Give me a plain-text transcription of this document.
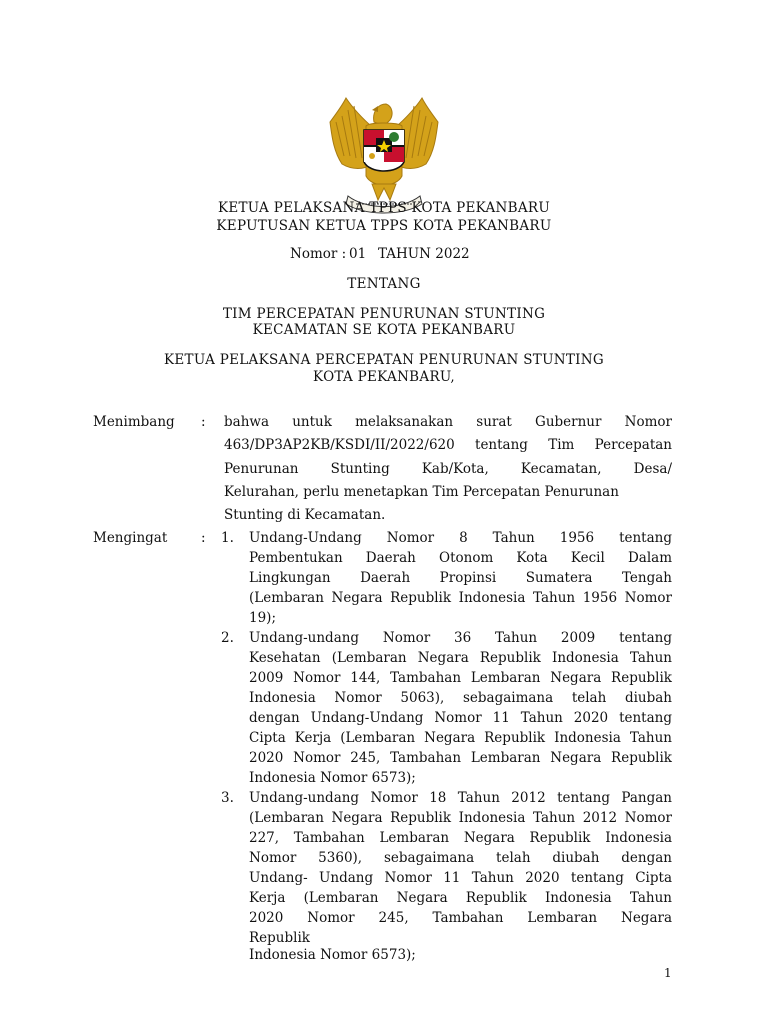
KETUA PELAKSANA TPPS KOTA PEKANBARU
KEPUTUSAN KETUA TPPS KOTA PEKANBARU
Nomor : 01 TAHUN 2022
TENTANG
TIM PERCEPATAN PENURUNAN STUNTING
KECAMATAN SE KOTA PEKANBARU
KETUA PELAKSANA PERCEPATAN PENURUNAN STUNTING
KOTA PEKANBARU,
Menimbang : bahwa untuk melaksanakan surat Gubernur Nomor
463/DP3AP2KB/KSDI/II/2022/620 tentang Tim Percepatan
Penurunan Stunting Kab/Kota, Kecamatan, Desa/
Kelurahan, perlu menetapkan Tim Percepatan Penurunan
Stunting di Kecamatan.
Mengingat : 1. Undang-Undang Nomor 8 Tahun 1956 tentang
Pembentukan Daerah Otonom Kota Kecil Dalam
Lingkungan Daerah Propinsi Sumatera Tengah
(Lembaran Negara Republik Indonesia Tahun 1956 Nomor
19);
2. Undang-undang Nomor 36 Tahun 2009 tentang
Kesehatan (Lembaran Negara Republik Indonesia Tahun
2009 Nomor 144, Tambahan Lembaran Negara Republik
Indonesia Nomor 5063), sebagaimana telah diubah
dengan Undang-Undang Nomor 11 Tahun 2020 tentang
Cipta Kerja (Lembaran Negara Republik Indonesia Tahun
2020 Nomor 245, Tambahan Lembaran Negara Republik
Indonesia Nomor 6573);
3. Undang-undang Nomor 18 Tahun 2012 tentang Pangan
(Lembaran Negara Republik Indonesia Tahun 2012 Nomor
227, Tambahan Lembaran Negara Republik Indonesia
Nomor 5360), sebagaimana telah diubah dengan
Undang- Undang Nomor 11 Tahun 2020 tentang Cipta
Kerja (Lembaran Negara Republik Indonesia Tahun
2020 Nomor 245, Tambahan Lembaran Negara
Republik
Indonesia Nomor 6573);
1
